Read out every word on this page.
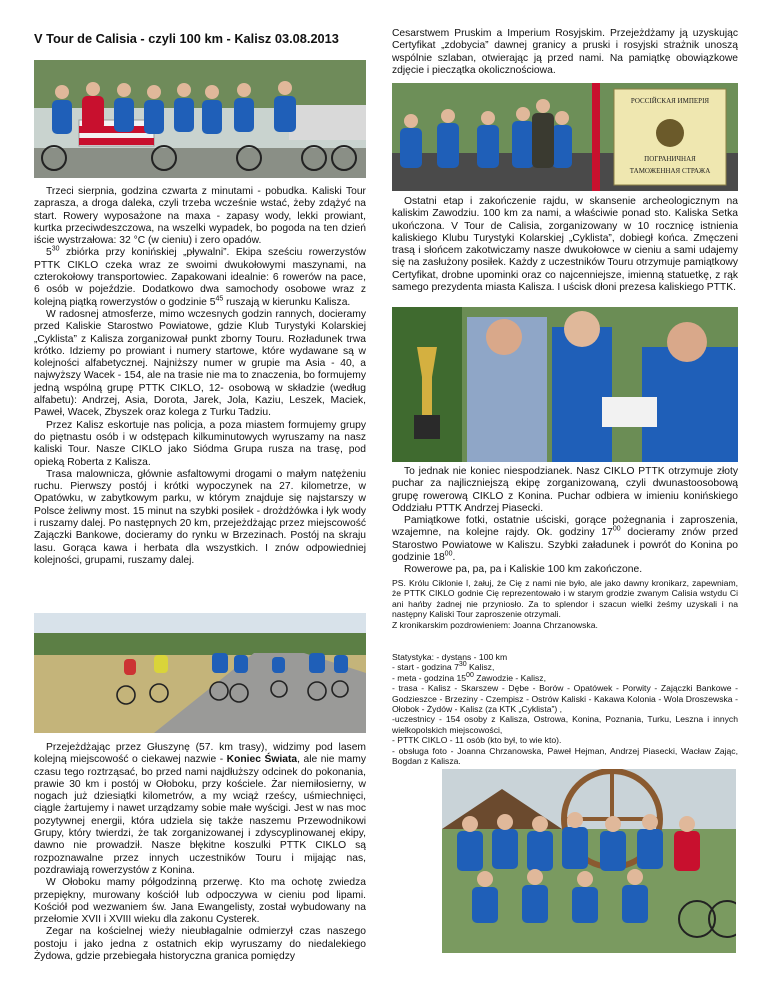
V Tour de Calisia - czyli 100 km - Kalisz 03.08.2013

Trzeci sierpnia, godzina czwarta z minutami - pobudka. Kaliski Tour zaprasza, a droga daleka, czyli trzeba wcześnie wstać, żeby zdążyć na start. Rowery wyposażone na maxa - zapasy wody, lekki prowiant, kurtka przeciwdeszczowa, na wszelki wypadek, bo pogoda na ten dzień iście wystrzałowa: 32 °C (w cieniu) i zero opadów.

$5^{30}$ zbiórka przy konińskiej „pływalni”. Ekipa sześciu rowerzystów PTTK CIKLO czeka wraz ze swoimi dwukołowymi maszynami, na czterokołowy transportowiec. Zapakowani idealnie: 6 rowerów na pace, 6 osób w pojeździe. Dodatkowo dwa samochody osobowe wraz z kolejną piątką rowerzystów o godzinie $5^{45}$ ruszają w kierunku Kalisza.

W radosnej atmosferze, mimo wczesnych godzin rannych, docieramy przed Kaliskie Starostwo Powiatowe, gdzie Klub Turystyki Kolarskiej „Cyklista” z Kalisza zorganizował punkt zborny Touru. Rozładunek trwa krótko. Idziemy po prowiant i numery startowe, które wydawane są w kolejności alfabetycznej. Najniższy numer w grupie ma Asia - 40, a najwyższy Wacek - 154, ale na trasie nie ma to znaczenia, bo formujemy jedną wspólną grupę PTTK CIKLO, 12- osobową w składzie (według alfabetu): Andrzej, Asia, Dorota, Jarek, Jola, Kaziu, Leszek, Maciek, Paweł, Wacek, Zbyszek oraz kolega z Turku Tadziu.

Przez Kalisz eskortuje nas policja, a poza miastem formujemy grupy do piętnastu osób i w odstępach kilkuminutowych wyruszamy na nasz kaliski Tour. Nasze CIKLO jako Siódma Grupa rusza na trasę, pod opieką Roberta z Kalisza.

Trasa malownicza, głównie asfaltowymi drogami o małym natężeniu ruchu. Pierwszy postój i krótki wypoczynek na 27. kilometrze, w Opatówku, w zabytkowym parku, w którym znajduje się najstarszy w Polsce żeliwny most. 15 minut na szybki posiłek - drożdżówka i łyk wody i ruszamy dalej. Po następnych 20 km, przejeżdżając przez miejscowość Zajączki Bankowe, docieramy do rynku w Brzezinach. Postój na skraju lasu. Gorąca kawa i herbata dla wszystkich. I znów odpowiedniej kolejności, grupami, ruszamy dalej.

Przejeżdżając przez Głuszynę (57. km trasy), widzimy pod lasem kolejną miejscowość o ciekawej nazwie - Koniec Świata, ale nie mamy czasu tego roztrząsać, bo przed nami najdłuższy odcinek do pokonania, prawie 30 km i postój w Ołoboku, przy kościele. Żar niemiłosierny, w nogach już dziesiątki kilometrów, a my wciąż rześcy, uśmiechnięci, ciągle żartujemy i nawet urządzamy sobie małe wyścigi. Jest w nas moc pozytywnej energii, która udziela się także naszemu Przewodnikowi Grupy, który twierdzi, że tak zorganizowanej i zdyscyplinowanej ekipy, dawno nie prowadził. Nasze błękitne koszulki PTTK CIKLO są rozpoznawalne przez innych uczestników Touru i mijając nas, pozdrawiają rowerzystów z Konina.

W Ołoboku mamy półgodzinną przerwę. Kto ma ochotę zwiedza przepiękny, murowany kościół lub odpoczywa w cieniu pod lipami. Kościół pod wezwaniem św. Jana Ewangelisty, został wybudowany na przełomie XVII i XVIII wieku dla zakonu Cysterek.

Zegar na kościelnej wieży nieubłagalnie odmierzył czas naszego postoju i jako jedna z ostatnich ekip wyruszamy do niedalekiego Żydowa, gdzie przebiegała historyczna granica pomiędzy

Cesarstwem Pruskim a Imperium Rosyjskim. Przejeżdżamy ją uzyskując Certyfikat „zdobycia” dawnej granicy a pruski i rosyjski strażnik unoszą wspólnie szlaban, otwierając ją przed nami. Na pamiątkę obowiązkowe zdjęcie i pieczątka okolicznościowa.

РОССІЙСКАЯ ИМПЕРІЯ
ПОГРАНИЧНАЯ
ТАМОЖЕННАЯ СТРАЖА

Ostatni etap i zakończenie rajdu, w skansenie archeologicznym na kaliskim Zawodziu. 100 km za nami, a właściwie ponad sto. Kaliska Setka ukończona. V Tour de Calisia, zorganizowany w 10 rocznicę istnienia kaliskiego Klubu Turystyki Kolarskiej „Cyklista”, dobiegł końca. Zmęczeni trasą i słońcem zakotwiczamy nasze dwukołowce w cieniu a sami udajemy się na zasłużony posiłek. Każdy z uczestników Touru otrzymuje pamiątkowy Certyfikat, drobne upominki oraz co najcenniejsze, imienną statuetkę, z rąk samego prezydenta miasta Kalisza. I uścisk dłoni prezesa kaliskiego PTTK.

To jednak nie koniec niespodzianek. Nasz CIKLO PTTK otrzymuje złoty puchar za najliczniejszą ekipę zorganizowaną, czyli dwunastoosobową grupę rowerową CIKLO z Konina. Puchar odbiera w imieniu konińskiego Oddziału PTTK Andrzej Piasecki.

Pamiątkowe fotki, ostatnie uściski, gorące pożegnania i zaproszenia, wzajemne, na kolejne rajdy. Ok. godziny $17^{00}$ docieramy znów przed Starostwo Powiatowe w Kaliszu. Szybki załadunek i powrót do Konina po godzinie $18^{00}$.

Rowerowe pa, pa, pa i Kaliskie 100 km zakończone.

PS. Królu Ciklonie I, żałuj, że Cię z nami nie było, ale jako dawny kronikarz, zapewniam, że PTTK CIKLO godnie Cię reprezentowało i w starym grodzie zwanym Calisia wstydu Ci ani hańby żadnej nie przyniosło. Za to splendor i szacun wielki żeśmy uzyskali i na następny Kaliski Tour zaproszenie otrzymali.

Z kronikarskim pozdrowieniem: Joanna Chrzanowska.

Statystyka: - dystans - 100 km

- start - godzina $7^{30}$ Kalisz,

- meta - godzina $15^{00}$ Zawodzie - Kalisz,

- trasa - Kalisz - Skarszew - Dębe - Borów - Opatówek - Porwity - Zajączki Bankowe - Godzieszce - Brzeziny - Czempisz - Ostrów Kaliski - Kakawa Kolonia - Wola Droszewska - Ołobok - Żydów - Kalisz (za KTK „Cyklista”) ,

-uczestnicy - 154 osoby z Kalisza, Ostrowa, Konina, Poznania, Turku, Leszna i innych wielkopolskich miejscowości,

- PTTK CIKLO - 11 osób (kto był, to wie kto).

- obsługa foto - Joanna Chrzanowska, Paweł Hejman, Andrzej Piasecki, Wacław Zając, Bogdan z Kalisza.
